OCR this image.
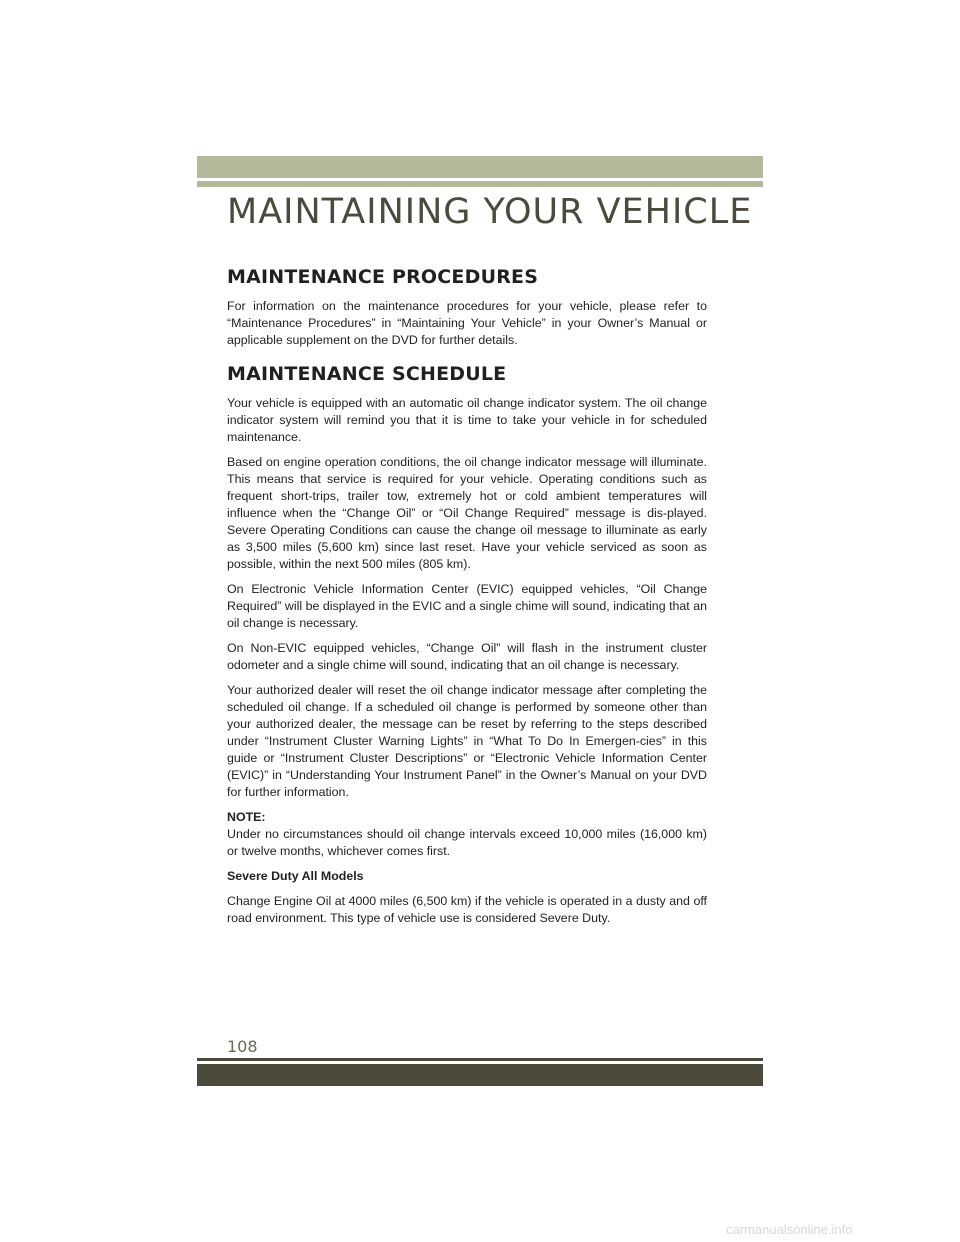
MAINTAINING YOUR VEHICLE
MAINTENANCE PROCEDURES

For information on the maintenance procedures for your vehicle, please refer to “Maintenance Procedures” in “Maintaining Your Vehicle” in your Owner’s Manual or applicable supplement on the DVD for further details.

MAINTENANCE SCHEDULE

Your vehicle is equipped with an automatic oil change indicator system. The oil change indicator system will remind you that it is time to take your vehicle in for scheduled maintenance.

Based on engine operation conditions, the oil change indicator message will illuminate. This means that service is required for your vehicle. Operating conditions such as frequent short-trips, trailer tow, extremely hot or cold ambient temperatures will influence when the “Change Oil” or “Oil Change Required” message is dis-played. Severe Operating Conditions can cause the change oil message to illuminate as early as 3,500 miles (5,600 km) since last reset. Have your vehicle serviced as soon as possible, within the next 500 miles (805 km).

On Electronic Vehicle Information Center (EVIC) equipped vehicles, “Oil Change Required” will be displayed in the EVIC and a single chime will sound, indicating that an oil change is necessary.

On Non-EVIC equipped vehicles, “Change Oil” will flash in the instrument cluster odometer and a single chime will sound, indicating that an oil change is necessary.

Your authorized dealer will reset the oil change indicator message after completing the scheduled oil change. If a scheduled oil change is performed by someone other than your authorized dealer, the message can be reset by referring to the steps described under “Instrument Cluster Warning Lights” in “What To Do In Emergen-cies” in this guide or “Instrument Cluster Descriptions” or “Electronic Vehicle Information Center (EVIC)” in “Understanding Your Instrument Panel” in the Owner’s Manual on your DVD for further information.

NOTE:

Under no circumstances should oil change intervals exceed 10,000 miles (16,000 km) or twelve months, whichever comes first.

Severe Duty All Models

Change Engine Oil at 4000 miles (6,500 km) if the vehicle is operated in a dusty and off road environment. This type of vehicle use is considered Severe Duty.

108
carmanualsonline.info
